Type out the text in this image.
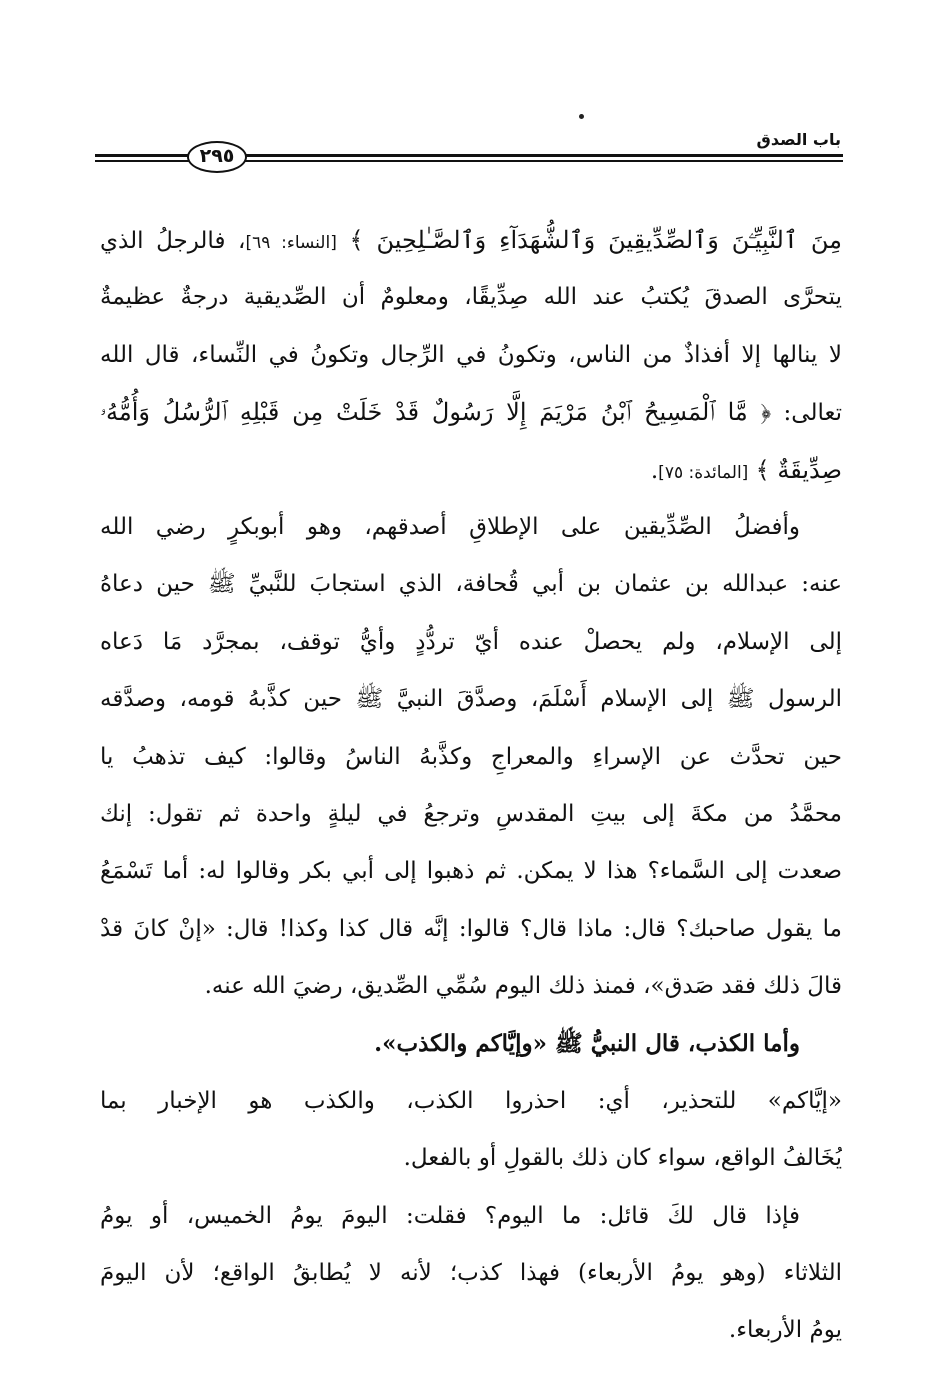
باب الصدق
٢٩٥
مِنَ ٱلنَّبِيِّـۧنَ وَٱلصِّدِّيقِينَ وَٱلشُّهَدَآءِ وَٱلصَّـٰلِحِينَ ﴾ [النساء: ٦٩]، فالرجلُ الذي
يتحرَّى الصدقَ يُكتبُ عند الله صِدِّيقًا، ومعلومٌ أن الصِّديقية درجةٌ عظيمةٌ
لا ينالها إلا أفذاذٌ من الناس، وتكونُ في الرِّجال وتكونُ في النِّساء، قال الله
تعالى: ﴿ مَّا ٱلْمَسِيحُ ٱبْنُ مَرْيَمَ إِلَّا رَسُولٌ قَدْ خَلَتْ مِن قَبْلِهِ ٱلرُّسُلُ وَأُمُّهُۥ
صِدِّيقَةٌ ﴾ [المائدة: ٧٥].
وأفضلُ الصِّدِّيقين على الإطلاقِ أصدقهم، وهو أبوبكرٍ رضي الله
عنه: عبدالله بن عثمان بن أبي قُحافة، الذي استجابَ للنَّبيِّ ﷺ حين دعاهُ
إلى الإسلام، ولم يحصلْ عنده أيّ تردُّدٍ وأيُّ توقف، بمجرَّد مَا دَعاه
الرسول ﷺ إلى الإسلام أَسْلَمَ، وصدَّقَ النبيَّ ﷺ حين كذَّبهُ قومه، وصدَّقه
حين تحدَّث عن الإسراءِ والمعراجِ وكذَّبهُ الناسُ وقالوا: كيف تذهبُ يا
محمَّدُ من مكةَ إلى بيتِ المقدسِ وترجعُ في ليلةٍ واحدة ثم تقول: إنك
صعدت إلى السَّماء؟ هذا لا يمكن. ثم ذهبوا إلى أبي بكر وقالوا له: أما تَسْمَعُ
ما يقول صاحبك؟ قال: ماذا قال؟ قالوا: إنَّه قال كذا وكذا! قال: «إنْ كانَ قدْ
قالَ ذلك فقد صَدق»، فمنذ ذلك اليوم سُمِّي الصِّديق، رضيَ الله عنه.
وأما الكذب، قال النبيُّ ﷺ «وإيَّاكم والكذب».
«إيَّاكم» للتحذير، أي: احذروا الكذب، والكذب هو الإخبار بما
يُخَالفُ الواقع، سواء كان ذلك بالقولِ أو بالفعل.
فإذا قال لكَ قائل: ما اليوم؟ فقلت: اليومَ يومُ الخميس، أو يومُ
الثلاثاء (وهو يومُ الأربعاء) فهذا كذب؛ لأنه لا يُطابقُ الواقع؛ لأن اليومَ
يومُ الأربعاء.
